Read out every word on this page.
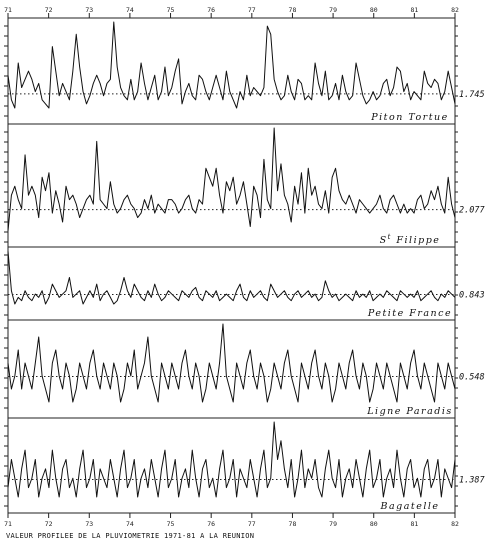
71
71
72
72
73
73
74
74
75
75
76
76
77
77
78
78
79
79
80
80
81
81
82
82
1.745
Piton Tortue
2.077
$S^t$ Filippe
0.843
Petite France
0.548
Ligne Paradis
1.387
Bagatelle
VALEUR PROFILEE DE LA PLUVIOMETRIE 1971-81 A LA REUNION
